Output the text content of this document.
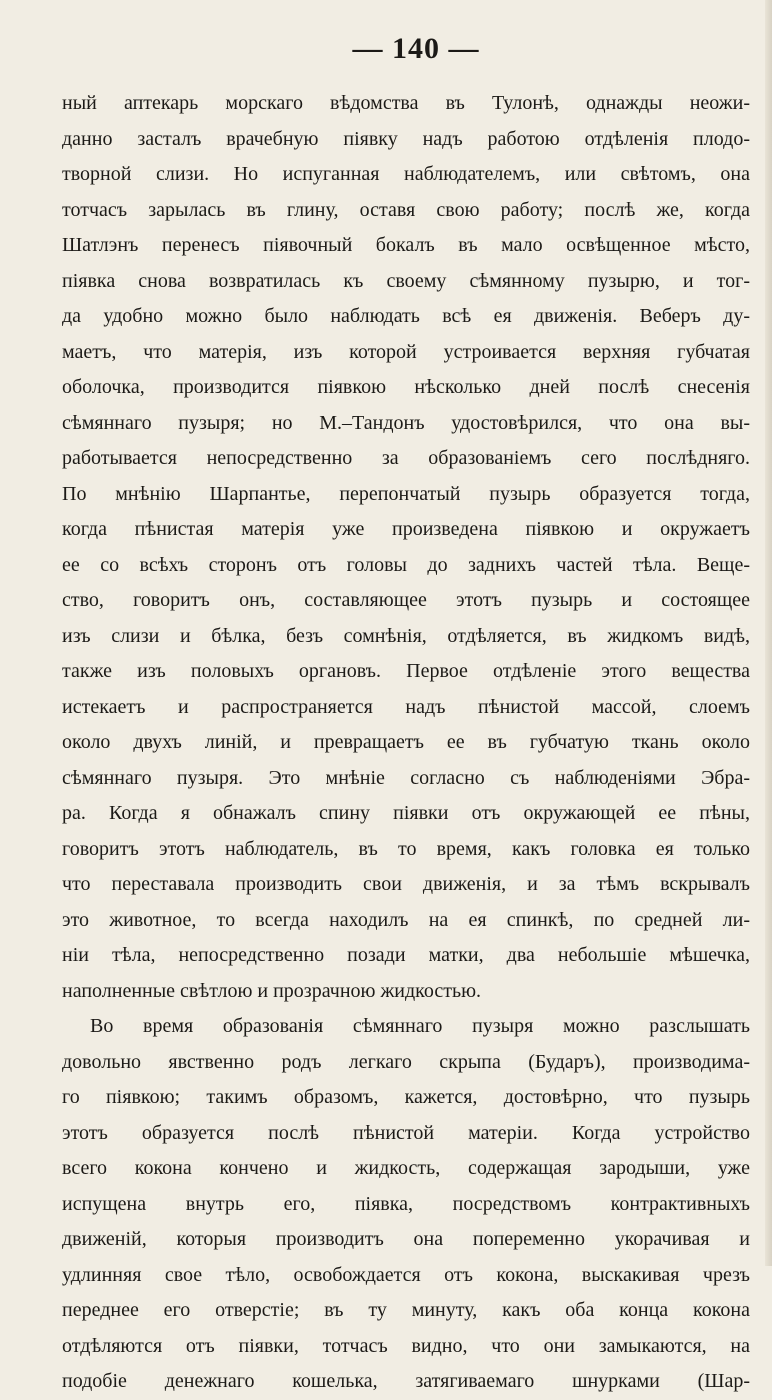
— 140 —
ный аптекарь морскаго вѣдомства въ Тулонѣ, однажды неожи-
данно засталъ врачебную піявку надъ работою отдѣленія плодо-
творной слизи. Но испуганная наблюдателемъ, или свѣтомъ, она
тотчасъ зарылась въ глину, оставя свою работу; послѣ же, когда
Шатлэнъ перенесъ піявочный бокалъ въ мало освѣщенное мѣсто,
піявка снова возвратилась къ своему сѣмянному пузырю, и тог-
да удобно можно было наблюдать всѣ ея движенія. Веберъ ду-
маетъ, что матерія, изъ которой устроивается верхняя губчатая
оболочка, производится піявкою нѣсколько дней послѣ снесенія
сѣмяннаго пузыря; но М.–Тандонъ удостовѣрился, что она вы-
работывается непосредственно за образованіемъ сего послѣдняго.
По мнѣнію Шарпантье, перепончатый пузырь образуется тогда,
когда пѣнистая матерія уже произведена піявкою и окружаетъ
ее со всѣхъ сторонъ отъ головы до заднихъ частей тѣла. Веще-
ство, говоритъ онъ, составляющее этотъ пузырь и состоящее
изъ слизи и бѣлка, безъ сомнѣнія, отдѣляется, въ жидкомъ видѣ,
также изъ половыхъ органовъ. Первое отдѣленіе этого вещества
истекаетъ и распространяется надъ пѣнистой массой, слоемъ
около двухъ линій, и превращаетъ ее въ губчатую ткань около
сѣмяннаго пузыря. Это мнѣніе согласно съ наблюденіями Эбра-
ра. Когда я обнажалъ спину піявки отъ окружающей ее пѣны,
говоритъ этотъ наблюдатель, въ то время, какъ головка ея только
что переставала производить свои движенія, и за тѣмъ вскрывалъ
это животное, то всегда находилъ на ея спинкѣ, по средней ли-
ніи тѣла, непосредственно позади матки, два небольшіе мѣшечка,
наполненные свѣтлою и прозрачною жидкостью.
Во время образованія сѣмяннаго пузыря можно разслышать
довольно явственно родъ легкаго скрыпа (Бударъ), производима-
го піявкою; такимъ образомъ, кажется, достовѣрно, что пузырь
этотъ образуется послѣ пѣнистой матеріи. Когда устройство
всего кокона кончено и жидкость, содержащая зародыши, уже
испущена внутрь его, піявка, посредствомъ контрактивныхъ
движеній, которыя производитъ она попеременно укорачивая и
удлинняя свое тѣло, освобождается отъ кокона, выскакивая чрезъ
переднее его отверстіе; въ ту минуту, какъ оба конца кокона
отдѣляются отъ піявки, тотчасъ видно, что они замыкаются, на
подобіе денежнаго кошелька, затягиваемаго шнурками (Шар-
